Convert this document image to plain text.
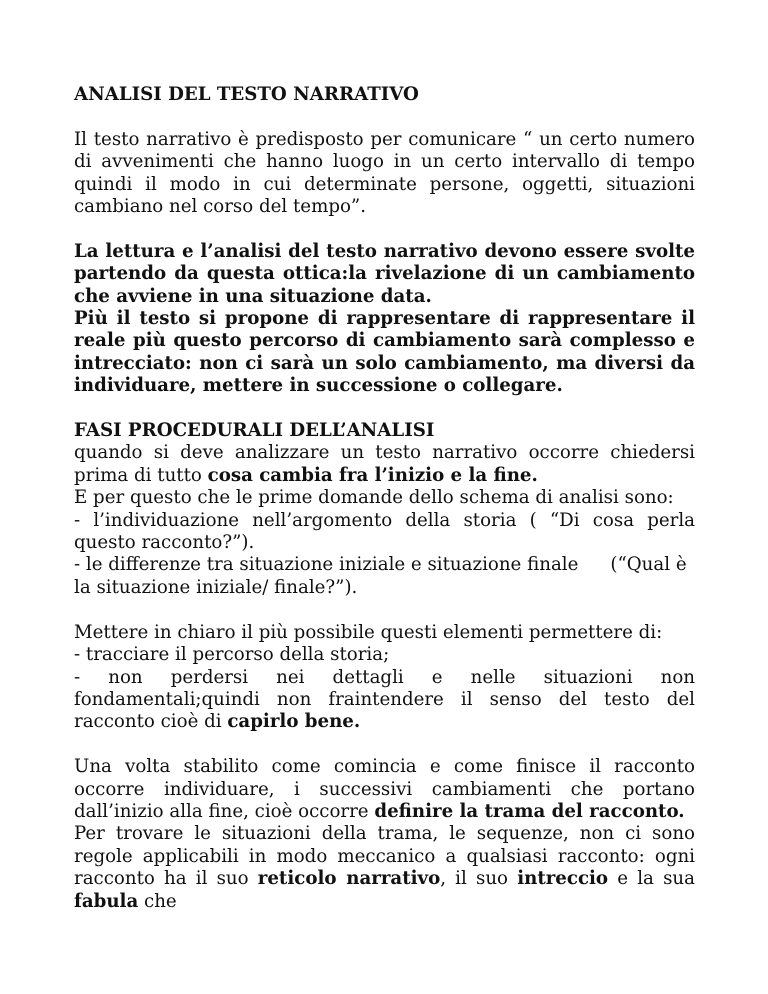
ANALISI DEL TESTO NARRATIVO

Il testo narrativo è predisposto per comunicare “ un certo numero di avvenimenti che hanno luogo in un certo intervallo di tempo quindi il modo in cui determinate persone, oggetti, situazioni cambiano nel corso del tempo”.

La lettura e l’analisi del testo narrativo devono essere svolte partendo da questa ottica:la rivelazione di un cambiamento che avviene in una situazione data.

Più il testo si propone di rappresentare di rappresentare il reale più questo percorso di cambiamento sarà complesso e intrecciato: non ci sarà un solo cambiamento, ma diversi da individuare, mettere in successione o collegare.

FASI PROCEDURALI DELL’ANALISI

quando si deve analizzare un testo narrativo occorre chiedersi prima di tutto cosa cambia fra l’inizio e la fine.

E per questo che le prime domande dello schema di analisi sono:

- l’individuazione nell’argomento della storia ( “Di cosa perla questo racconto?”).

- le differenze tra situazione iniziale e situazione finale (“Qual è la situazione iniziale/ finale?”).

Mettere in chiaro il più possibile questi elementi permettere di:

- tracciare il percorso della storia;

- non perdersi nei dettagli e nelle situazioni non

fondamentali;quindi non fraintendere il senso del testo del racconto cioè di capirlo bene.

Una volta stabilito come comincia e come finisce il racconto occorre individuare, i successivi cambiamenti che portano dall’inizio alla fine, cioè occorre definire la trama del racconto.

Per trovare le situazioni della trama, le sequenze, non ci sono regole applicabili in modo meccanico a qualsiasi racconto: ogni racconto ha il suo reticolo narrativo, il suo intreccio e la sua fabula che
